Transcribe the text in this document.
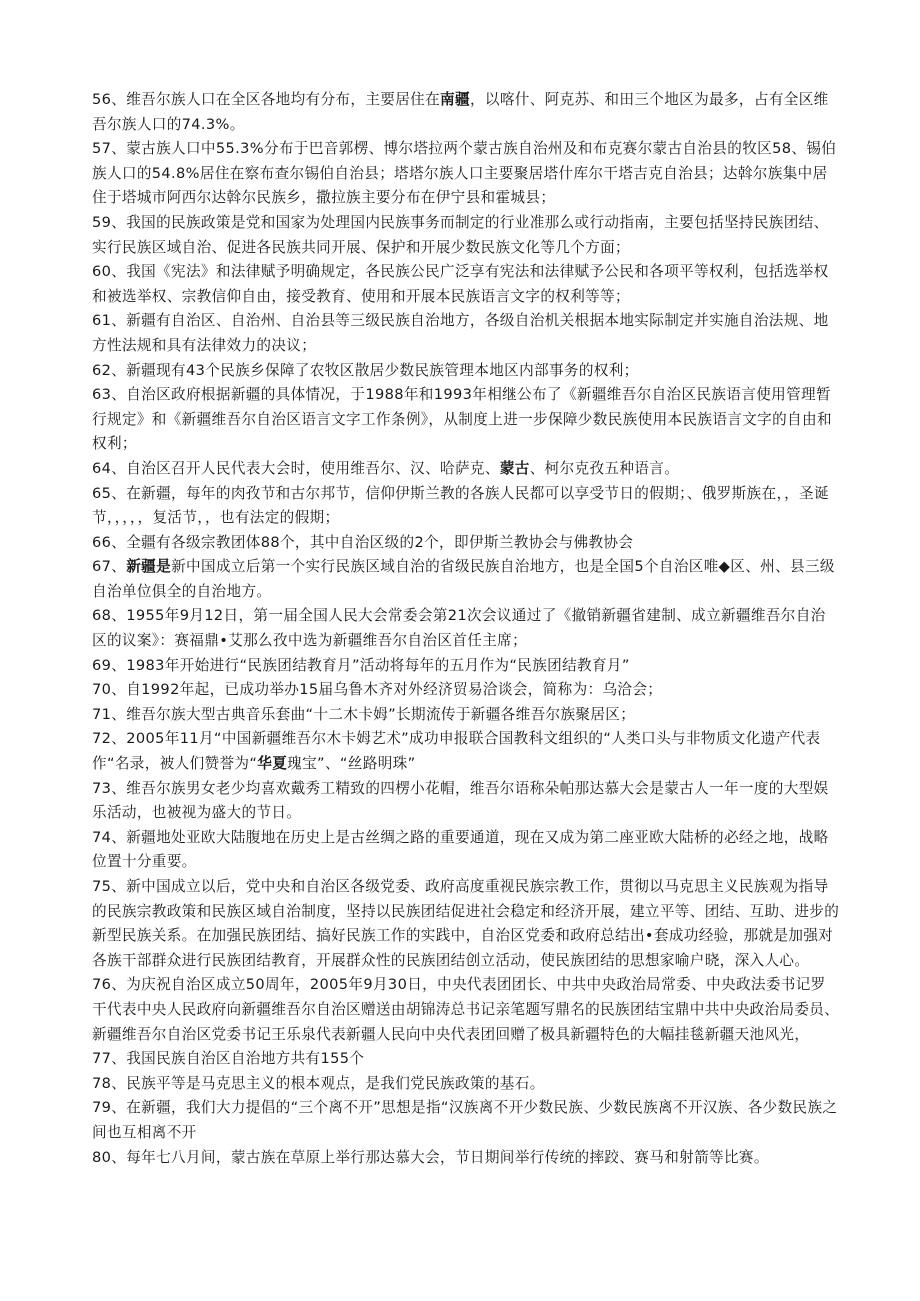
56、维吾尔族人口在全区各地均有分布，主要居住在南疆，以喀什、阿克苏、和田三个地区为最多，占有全区维吾尔族人口的74.3%。

57、蒙古族人口中55.3%分布于巴音郭楞、博尔塔拉两个蒙古族自治州及和布克赛尔蒙古自治县的牧区58、锡伯族人口的54.8%居住在察布查尔锡伯自治县；塔塔尔族人口主要聚居塔什库尔干塔吉克自治县；达斡尔族集中居住于塔城市阿西尔达斡尔民族乡，撒拉族主要分布在伊宁县和霍城县；

59、我国的民族政策是党和国家为处理国内民族事务而制定的行业准那么或行动指南，主要包括坚持民族团结、实行民族区域自治、促进各民族共同开展、保护和开展少数民族文化等几个方面；

60、我国《宪法》和法律赋予明确规定，各民族公民广泛享有宪法和法律赋予公民和各项平等权利，包括选举权和被选举权、宗教信仰自由，接受教育、使用和开展本民族语言文字的权利等等；

61、新疆有自治区、自治州、自治县等三级民族自治地方，各级自治机关根据本地实际制定并实施自治法规、地方性法规和具有法律效力的决议；

62、新疆现有43个民族乡保障了农牧区散居少数民族管理本地区内部事务的权利；

63、自治区政府根据新疆的具体情况，于1988年和1993年相继公布了《新疆维吾尔自治区民族语言使用管理暂行规定》和《新疆维吾尔自治区语言文字工作条例》，从制度上进一步保障少数民族使用本民族语言文字的自由和权利；

64、自治区召开人民代表大会时，使用维吾尔、汉、哈萨克、蒙古、柯尔克孜五种语言。

65、在新疆，每年的肉孜节和古尔邦节，信仰伊斯兰教的各族人民都可以享受节日的假期；、俄罗斯族在，，圣诞节，，，，，复活节，，也有法定的假期；

66、全疆有各级宗教团体88个，其中自治区级的2个，即伊斯兰教协会与佛教协会

67、新疆是新中国成立后第一个实行民族区域自治的省级民族自治地方，也是全国5个自治区唯◆区、州、县三级自治单位俱全的自治地方。

68、1955年9月12日，第一届全国人民大会常委会第21次会议通过了《撤销新疆省建制、成立新疆维吾尔自治区的议案》：赛福鼎•艾那么孜中选为新疆维吾尔自治区首任主席；

69、1983年开始进行“民族团结教育月”活动将每年的五月作为“民族团结教育月”

70、自1992年起，已成功举办15届乌鲁木齐对外经济贸易洽谈会，简称为：乌洽会；

71、维吾尔族大型古典音乐套曲“十二木卡姆”长期流传于新疆各维吾尔族聚居区；

72、2005年11月“中国新疆维吾尔木卡姆艺术”成功申报联合国教科文组织的“人类口头与非物质文化遗产代表作“名录，被人们赞誉为“华夏瑰宝”、“丝路明珠”

73、维吾尔族男女老少均喜欢戴秀工精致的四楞小花帽，维吾尔语称朵帕那达慕大会是蒙古人一年一度的大型娱乐活动，也被视为盛大的节日。

74、新疆地处亚欧大陆腹地在历史上是古丝绸之路的重要通道，现在又成为第二座亚欧大陆桥的必经之地，战略位置十分重要。

75、新中国成立以后，党中央和自治区各级党委、政府高度重视民族宗教工作，贯彻以马克思主义民族观为指导的民族宗教政策和民族区域自治制度，坚持以民族团结促进社会稳定和经济开展，建立平等、团结、互助、进步的新型民族关系。在加强民族团结、搞好民族工作的实践中，自治区党委和政府总结出•套成功经验，那就是加强对各族干部群众进行民族团结教育，开展群众性的民族团结创立活动，使民族团结的思想家喻户晓，深入人心。

76、为庆祝自治区成立50周年，2005年9月30日，中央代表团团长、中共中央政治局常委、中央政法委书记罗干代表中央人民政府向新疆维吾尔自治区赠送由胡锦涛总书记亲笔题写鼎名的民族团结宝鼎中共中央政治局委员、新疆维吾尔自治区党委书记王乐泉代表新疆人民向中央代表团回赠了极具新疆特色的大幅挂毯新疆天池风光，

77、我国民族自治区自治地方共有155个

78、民族平等是马克思主义的根本观点，是我们党民族政策的基石。

79、在新疆，我们大力提倡的“三个离不开”思想是指“汉族离不开少数民族、少数民族离不开汉族、各少数民族之间也互相离不开

80、每年七八月间，蒙古族在草原上举行那达慕大会，节日期间举行传统的摔跤、赛马和射箭等比赛。
